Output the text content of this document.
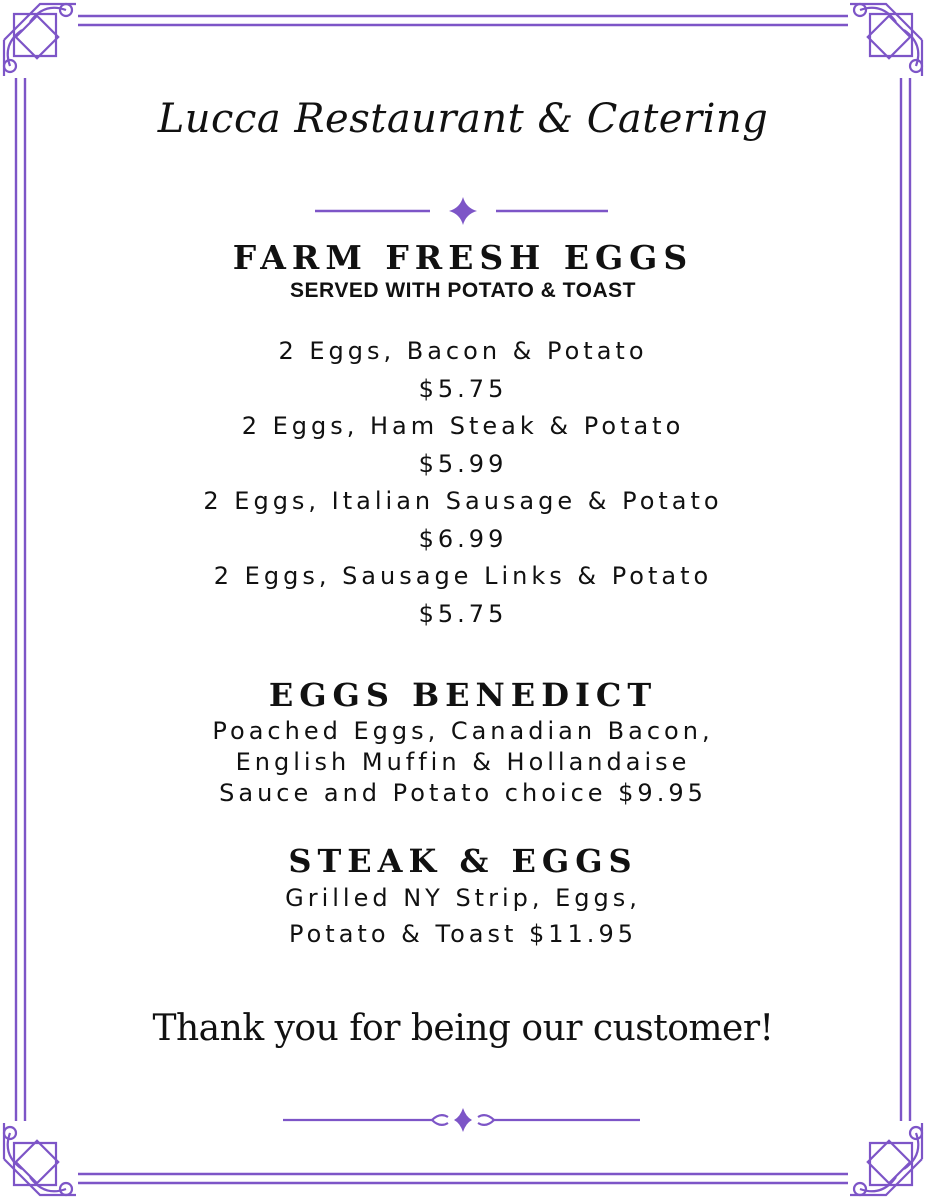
Lucca Restaurant & Catering
FARM FRESH EGGS
SERVED WITH POTATO & TOAST
2 Eggs, Bacon & Potato
$5.75
2 Eggs, Ham Steak & Potato
$5.99
2 Eggs, Italian Sausage & Potato
$6.99
2 Eggs, Sausage Links & Potato
$5.75
EGGS BENEDICT
Poached Eggs, Canadian Bacon,
English Muffin & Hollandaise
Sauce and Potato choice $9.95
STEAK & EGGS
Grilled NY Strip, Eggs,
Potato & Toast $11.95
Thank you for being our customer!
